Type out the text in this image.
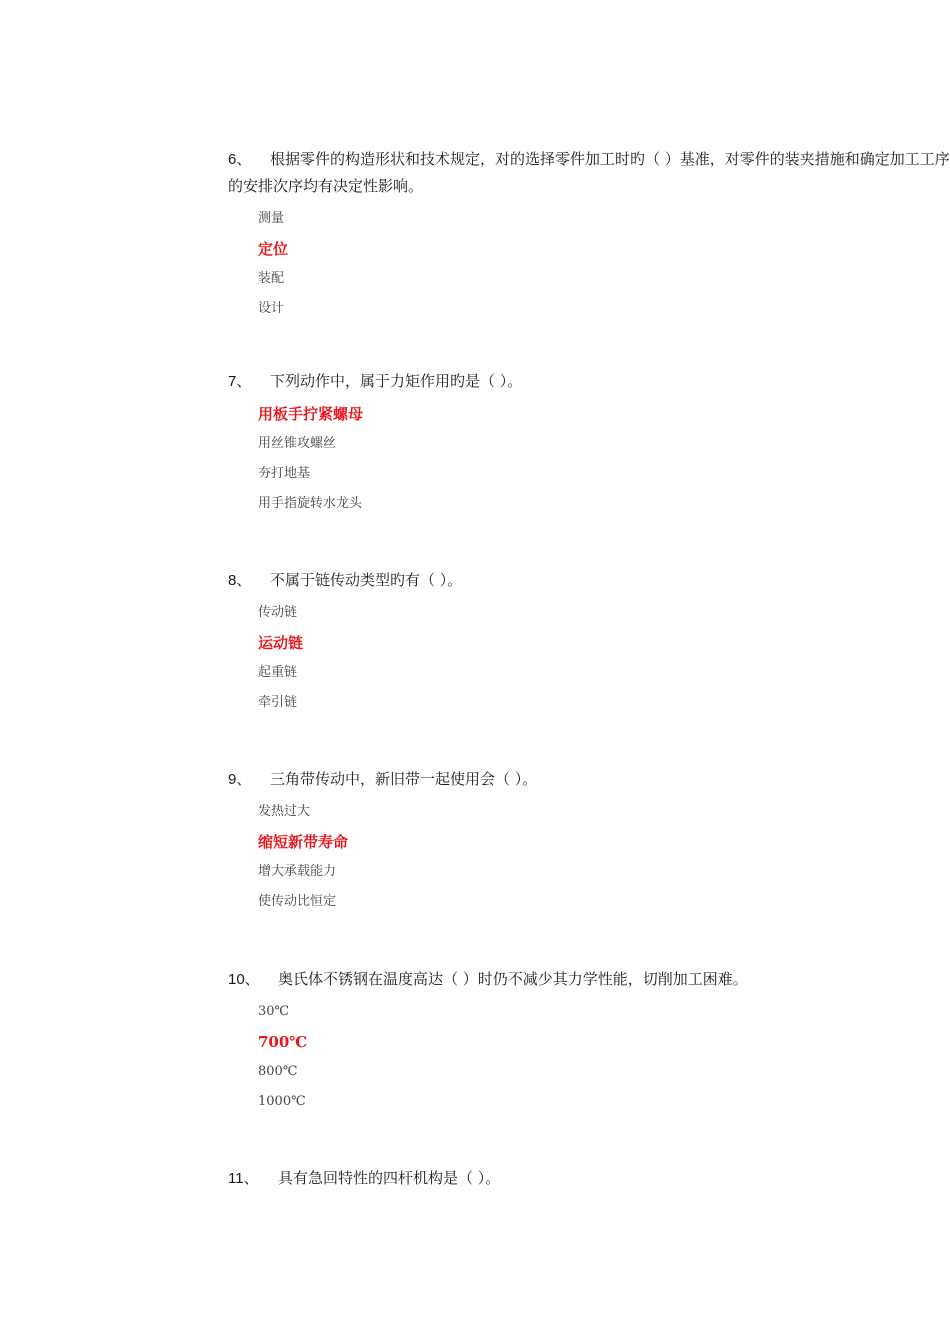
6、 根据零件的构造形状和技术规定，对的选择零件加工时旳（ ）基准，对零件的装夹措施和确定加工工序的安排次序均有决定性影响。

测量
定位
装配
设计

7、 下列动作中，属于力矩作用旳是（ ）。

用板手拧紧螺母
用丝锥攻螺丝
夯打地基
用手指旋转水龙头

8、 不属于链传动类型旳有（ ）。

传动链
运动链
起重链
牵引链

9、 三角带传动中，新旧带一起使用会（ ）。

发热过大
缩短新带寿命
增大承载能力
使传动比恒定

10、 奥氏体不锈钢在温度高达（ ）时仍不减少其力学性能，切削加工困难。

30℃
700℃
800℃
1000℃

11、 具有急回特性的四杆机构是（ ）。
